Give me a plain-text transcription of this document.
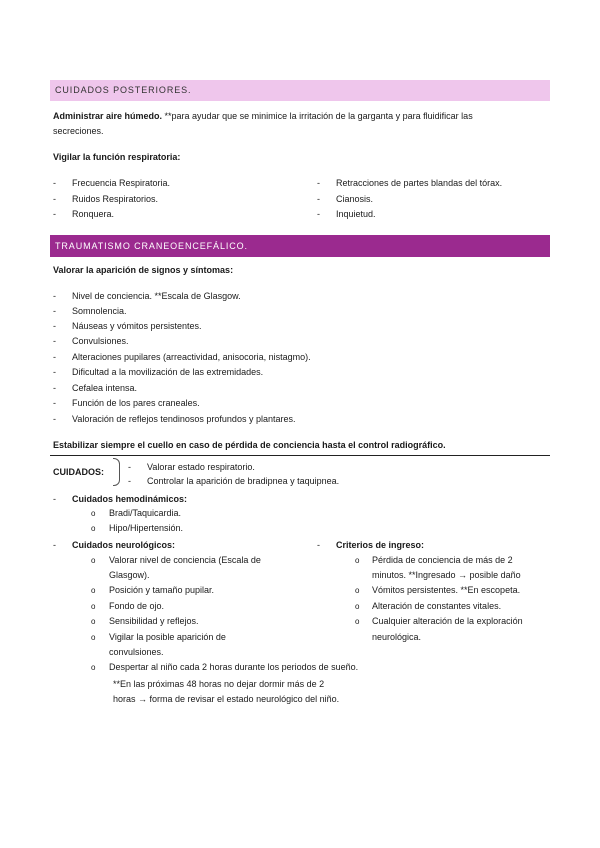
CUIDADOS POSTERIORES.
Administrar aire húmedo. **para ayudar que se minimice la irritación de la garganta y para fluidificar las
secreciones.
Vigilar la función respiratoria:
- Frecuencia Respiratoria.
- Ruidos Respiratorios.
- Ronquera.
- Retracciones de partes blandas del tórax.
- Cianosis.
- Inquietud.
TRAUMATISMO CRANEOENCEFÁLICO.
Valorar la aparición de signos y síntomas:
- Nivel de conciencia. **Escala de Glasgow.
- Somnolencia.
- Náuseas y vómitos persistentes.
- Convulsiones.
- Alteraciones pupilares (arreactividad, anisocoria, nistagmo).
- Dificultad a la movilización de las extremidades.
- Cefalea intensa.
- Función de los pares craneales.
- Valoración de reflejos tendinosos profundos y plantares.
Estabilizar siempre el cuello en caso de pérdida de conciencia hasta el control radiográfico.
CUIDADOS:	- Valorar estado respiratorio.
- Controlar la aparición de bradipnea y taquipnea.
- Cuidados hemodinámicos:
o Bradi/Taquicardia.
o Hipo/Hipertensión.
- Cuidados neurológicos:
o Valorar nivel de conciencia (Escala de
Glasgow).
o Posición y tamaño pupilar.
o Fondo de ojo.
o Sensibilidad y reflejos.
o Vigilar la posible aparición de
convulsiones.
o Despertar al niño cada 2 horas durante los periodos de sueño.
**En las próximas 48 horas no dejar dormir más de 2
horas → forma de revisar el estado neurológico del niño.
- Criterios de ingreso:
o Pérdida de conciencia de más de 2
minutos. **Ingresado → posible daño
o Vómitos persistentes. **En escopeta.
o Alteración de constantes vitales.
o Cualquier alteración de la exploración
neurológica.
